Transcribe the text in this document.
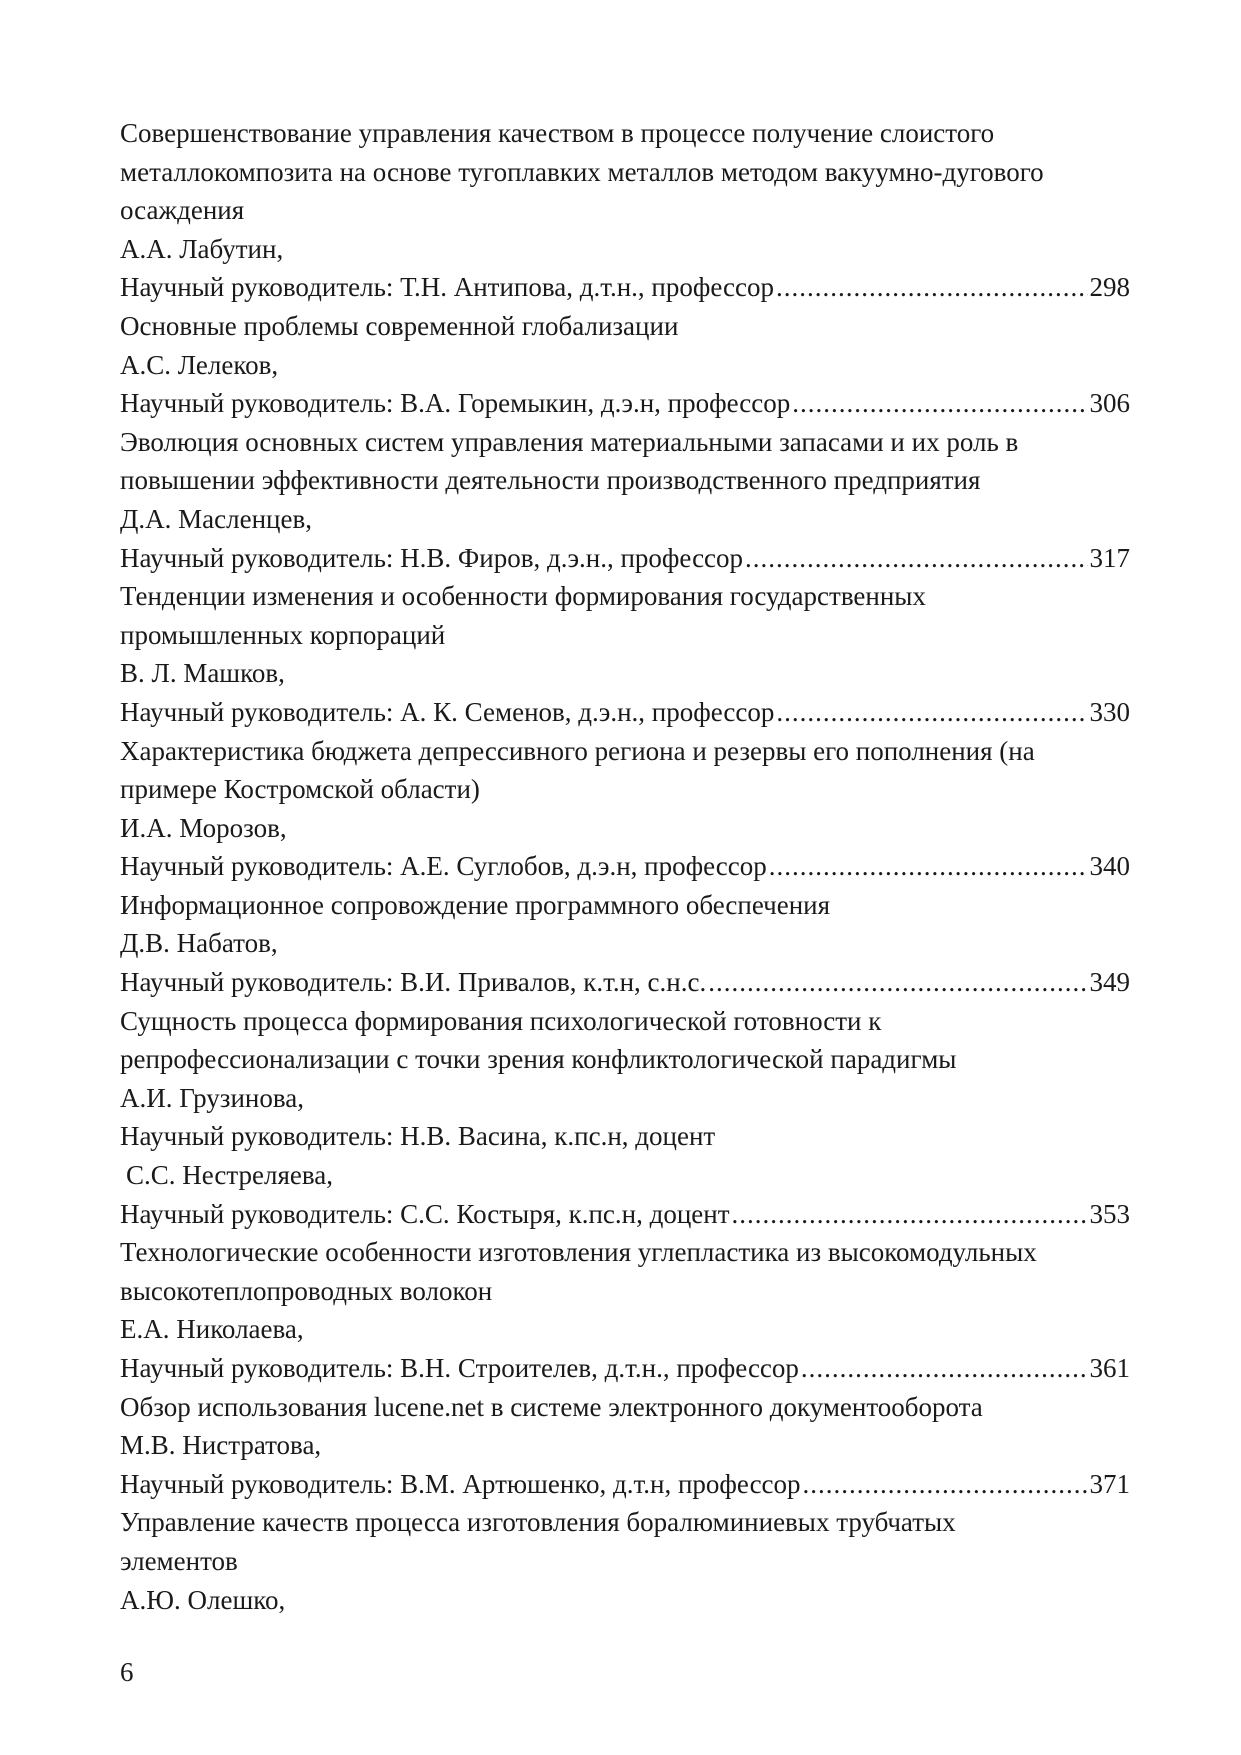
Совершенствование управления качеством в процессе получение слоистого
металлокомпозита на основе тугоплавких металлов методом вакуумно-дугового
осаждения
А.А. Лабутин,
Научный руководитель: Т.Н. Антипова, д.т.н., профессор .....	298
Основные проблемы современной глобализации
А.С. Лелеков,
Научный руководитель: В.А. Горемыкин, д.э.н, профессор .....	306
Эволюция основных систем управления материальными запасами и их роль в
повышении эффективности деятельности производственного предприятия
Д.А. Масленцев,
Научный руководитель: Н.В. Фиров, д.э.н., профессор .....	317
Тенденции изменения и особенности формирования государственных
промышленных корпораций
В. Л. Машков,
Научный руководитель: А. К. Семенов, д.э.н., профессор .....	330
Характеристика бюджета депрессивного региона и резервы его пополнения (на
примере Костромской области)
И.А. Морозов,
Научный руководитель: А.Е. Суглобов, д.э.н, профессор .....	340
Информационное сопровождение программного обеспечения
Д.В. Набатов,
Научный руководитель: В.И. Привалов, к.т.н, с.н.с. .....	349
Сущность процесса формирования психологической готовности к
репрофессионализации с точки зрения конфликтологической парадигмы
А.И. Грузинова,
Научный руководитель: Н.В. Васина, к.пс.н, доцент
С.С. Нестреляева,
Научный руководитель: С.С. Костыря, к.пс.н, доцент .....	353
Технологические особенности изготовления углепластика из высокомодульных
высокотеплопроводных волокон
Е.А. Николаева,
Научный руководитель: В.Н. Строителев, д.т.н., профессор .....	361
Обзор использования lucene.net в системе электронного документооборота
М.В. Нистратова,
Научный руководитель: В.М. Артюшенко, д.т.н, профессор .....	371
Управление качеств процесса изготовления боралюминиевых трубчатых
элементов
А.Ю. Олешко,
6
